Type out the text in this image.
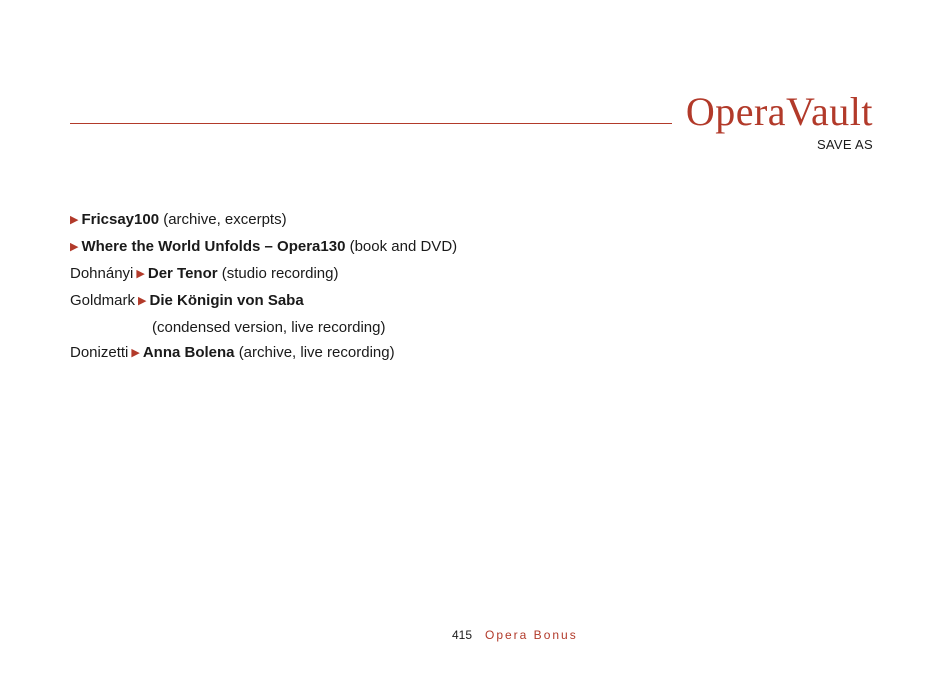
OperaVault
SAVE AS
▶ Fricsay100 (archive, excerpts)
▶ Where the World Unfolds – Opera130 (book and DVD)
Dohnányi ▶ Der Tenor (studio recording)
Goldmark ▶ Die Königin von Saba
(condensed version, live recording)
Donizetti ▶ Anna Bolena (archive, live recording)
415 Opera Bonus
